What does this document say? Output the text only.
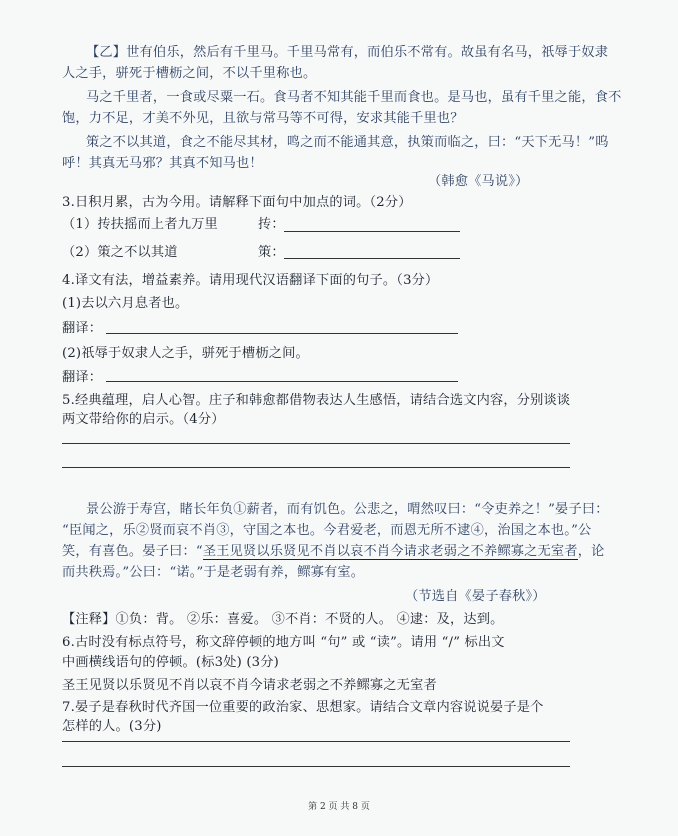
【乙】世有伯乐，然后有千里马。千里马常有，而伯乐不常有。故虽有名马，祇辱于奴隶

人之手，骈死于槽枥之间，不以千里称也。

马之千里者，一食或尽粟一石。食马者不知其能千里而食也。是马也，虽有千里之能，食不

饱，力不足，才美不外见，且欲与常马等不可得，安求其能千里也？

策之不以其道，食之不能尽其材，鸣之而不能通其意，执策而临之，曰：“天下无马！”呜

呼！其真无马邪？其真不知马也！

（韩愈《马说》）

3.日积月累，古为今用。请解释下面句中加点的词。（2分）

（1）抟扶摇而上者九万里	抟：

（2）策之不以其道	策：

4.译文有法，增益素养。请用现代汉语翻译下面的句子。（3分）

(1)去以六月息者也。

翻译：

(2)祇辱于奴隶人之手，骈死于槽枥之间。

翻译：

5.经典蕴理，启人心智。庄子和韩愈都借物表达人生感悟，请结合选文内容，分别谈谈

两文带给你的启示。（4分）

景公游于寿宫，睹长年负①薪者，而有饥色。公悲之，喟然叹曰：“令吏养之！”晏子曰：

“臣闻之，乐②贤而哀不肖③，守国之本也。今君爱老，而恩无所不逮④，治国之本也。”公

笑，有喜色。晏子曰：“圣王见贤以乐贤见不肖以哀不肖今请求老弱之不养鳏寡之无室者，论

而共秩焉。”公曰：“诺。”于是老弱有养，鳏寡有室。

（节选自《晏子春秋》）

【注释】①负：背。 ②乐：喜爱。 ③不肖：不贤的人。 ④逮：及，达到。

6.古时没有标点符号，称文辞停顿的地方叫 “句” 或 “读”。请用 “/” 标出文

中画横线语句的停顿。(标3处) (3分)

圣王见贤以乐贤见不肖以哀不肖今请求老弱之不养鳏寡之无室者

7.晏子是春秋时代齐国一位重要的政治家、思想家。请结合文章内容说说晏子是个

怎样的人。(3分)

第 2 页 共 8 页
